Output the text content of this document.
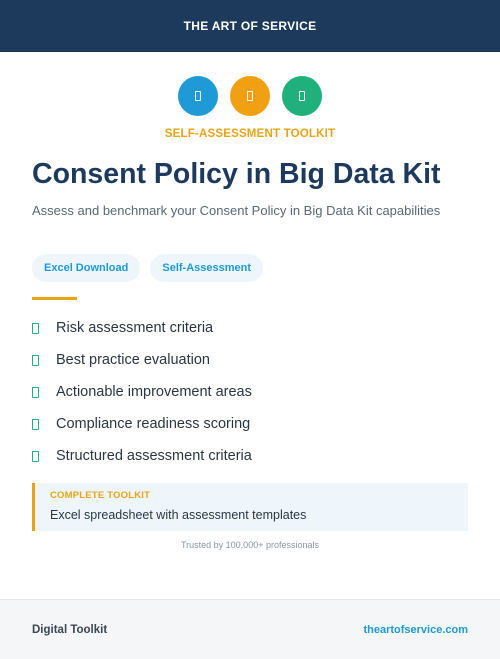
THE ART OF SERVICE
SELF-ASSESSMENT TOOLKIT
Consent Policy in Big Data Kit

Assess and benchmark your Consent Policy in Big Data Kit capabilities

Excel Download	Self-Assessment
Risk assessment criteria
Best practice evaluation
Actionable improvement areas
Compliance readiness scoring
Structured assessment criteria
COMPLETE TOOLKIT
Excel spreadsheet with assessment templates
Trusted by 100,000+ professionals
Digital Toolkit	theartofservice.com
